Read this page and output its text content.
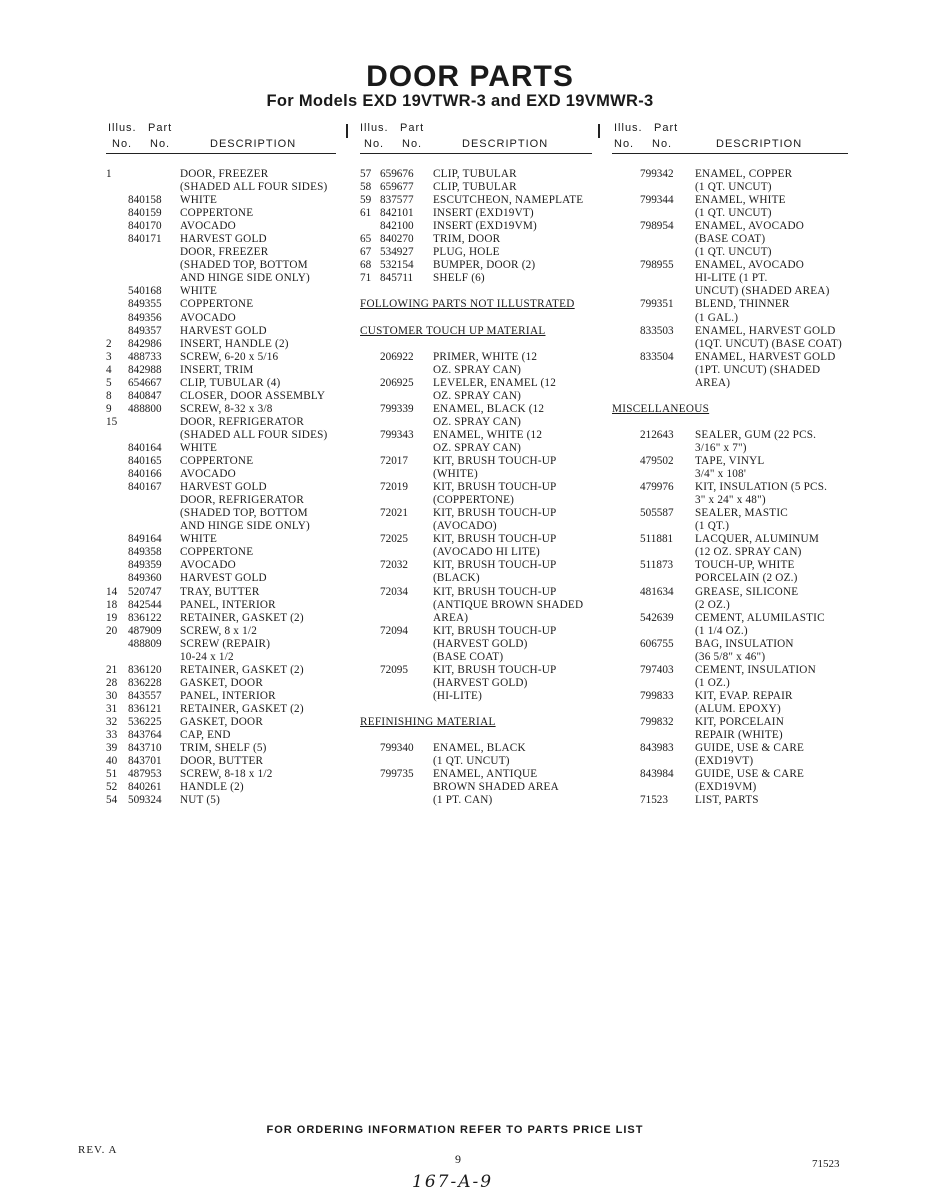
DOOR PARTS
For Models EXD 19VTWR-3 and EXD 19VMWR-3
Illus. Part
No. No.	DESCRIPTION
1	DOOR, FREEZER
(SHADED ALL FOUR SIDES)
840158 WHITE
840159 COPPERTONE
840170 AVOCADO
840171 HARVEST GOLD
DOOR, FREEZER
(SHADED TOP, BOTTOM
AND HINGE SIDE ONLY)
540168 WHITE
849355 COPPERTONE
849356 AVOCADO
849357 HARVEST GOLD
2 842986 INSERT, HANDLE (2)
3 488733 SCREW, 6-20 x 5/16
4 842988 INSERT, TRIM
5 654667 CLIP, TUBULAR (4)
8 840847 CLOSER, DOOR ASSEMBLY
9 488800 SCREW, 8-32 x 3/8
15	DOOR, REFRIGERATOR
(SHADED ALL FOUR SIDES)
840164 WHITE
840165 COPPERTONE
840166 AVOCADO
840167 HARVEST GOLD
DOOR, REFRIGERATOR
(SHADED TOP, BOTTOM
AND HINGE SIDE ONLY)
849164 WHITE
849358 COPPERTONE
849359 AVOCADO
849360 HARVEST GOLD
14 520747 TRAY, BUTTER
18 842544 PANEL, INTERIOR
19 836122 RETAINER, GASKET (2)
20 487909 SCREW, 8 x 1/2
488809 SCREW (REPAIR)
10-24 x 1/2
21 836120 RETAINER, GASKET (2)
28 836228 GASKET, DOOR
30 843557 PANEL, INTERIOR
31 836121 RETAINER, GASKET (2)
32 536225 GASKET, DOOR
33 843764 CAP, END
39 843710 TRIM, SHELF (5)
40 843701 DOOR, BUTTER
51 487953 SCREW, 8-18 x 1/2
52 840261 HANDLE (2)
54 509324 NUT (5)
Illus. Part
No. No.	DESCRIPTION
57 659676 CLIP, TUBULAR
58 659677 CLIP, TUBULAR
59 837577 ESCUTCHEON, NAMEPLATE
61 842101 INSERT (EXD19VT)
842100 INSERT (EXD19VM)
65 840270 TRIM, DOOR
67 534927 PLUG, HOLE
68 532154 BUMPER, DOOR (2)
71 845711 SHELF (6)
FOLLOWING PARTS NOT ILLUSTRATED
CUSTOMER TOUCH UP MATERIAL
206922 PRIMER, WHITE (12
OZ. SPRAY CAN)
206925 LEVELER, ENAMEL (12
OZ. SPRAY CAN)
799339 ENAMEL, BLACK (12
OZ. SPRAY CAN)
799343 ENAMEL, WHITE (12
OZ. SPRAY CAN)
72017 KIT, BRUSH TOUCH-UP
(WHITE)
72019 KIT, BRUSH TOUCH-UP
(COPPERTONE)
72021 KIT, BRUSH TOUCH-UP
(AVOCADO)
72025 KIT, BRUSH TOUCH-UP
(AVOCADO HI LITE)
72032 KIT, BRUSH TOUCH-UP
(BLACK)
72034 KIT, BRUSH TOUCH-UP
(ANTIQUE BROWN SHADED
AREA)
72094 KIT, BRUSH TOUCH-UP
(HARVEST GOLD)
(BASE COAT)
72095 KIT, BRUSH TOUCH-UP
(HARVEST GOLD)
(HI-LITE)
REFINISHING MATERIAL
799340 ENAMEL, BLACK
(1 QT. UNCUT)
799735 ENAMEL, ANTIQUE
BROWN SHADED AREA
(1 PT. CAN)
Illus. Part
No. No.	DESCRIPTION
799342 ENAMEL, COPPER
(1 QT. UNCUT)
799344 ENAMEL, WHITE
(1 QT. UNCUT)
798954 ENAMEL, AVOCADO
(BASE COAT)
(1 QT. UNCUT)
798955 ENAMEL, AVOCADO
HI-LITE (1 PT.
UNCUT) (SHADED AREA)
799351 BLEND, THINNER
(1 GAL.)
833503 ENAMEL, HARVEST GOLD
(1QT. UNCUT) (BASE COAT)
833504 ENAMEL, HARVEST GOLD
(1PT. UNCUT) (SHADED
AREA)
MISCELLANEOUS
212643 SEALER, GUM (22 PCS.
3/16" x 7")
479502 TAPE, VINYL
3/4" x 108'
479976 KIT, INSULATION (5 PCS.
3" x 24" x 48")
505587 SEALER, MASTIC
(1 QT.)
511881 LACQUER, ALUMINUM
(12 OZ. SPRAY CAN)
511873 TOUCH-UP, WHITE
PORCELAIN (2 OZ.)
481634 GREASE, SILICONE
(2 OZ.)
542639 CEMENT, ALUMILASTIC
(1 1/4 OZ.)
606755 BAG, INSULATION
(36 5/8" x 46")
797403 CEMENT, INSULATION
(1 OZ.)
799833 KIT, EVAP. REPAIR
(ALUM. EPOXY)
799832 KIT, PORCELAIN
REPAIR (WHITE)
843983 GUIDE, USE & CARE
(EXD19VT)
843984 GUIDE, USE & CARE
(EXD19VM)
71523 LIST, PARTS
FOR ORDERING INFORMATION REFER TO PARTS PRICE LIST
REV. A
9	71523
167-A-9
